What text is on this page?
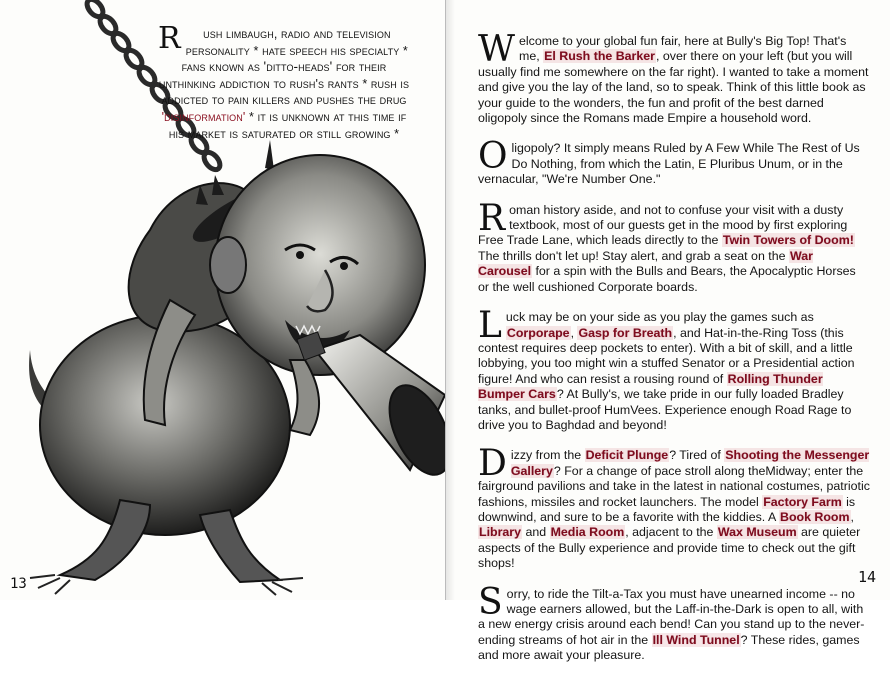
R ush limbaugh, radio and television personality * hate speech his specialty * fans known as 'ditto-heads' for their unthinking addiction to rush's rants * rush is addicted to pain killers and pushes the drug 'disinformation' * it is unknown at this time if his market is saturated or still growing *
13	14

Welcome to your global fun fair, here at Bully's Big Top! That's me, El Rush the Barker, over there on your left (but you will usually find me somewhere on the far right). I wanted to take a moment and give you the lay of the land, so to speak. Think of this little book as your guide to the wonders, the fun and profit of the best darned oligopoly since the Romans made Empire a household word.

Oligopoly? It simply means Ruled by A Few While The Rest of Us Do Nothing, from which the Latin, E Pluribus Unum, or in the vernacular, "We're Number One."

Roman history aside, and not to confuse your visit with a dusty textbook, most of our guests get in the mood by first exploring Free Trade Lane, which leads directly to the Twin Towers of Doom! The thrills don't let up! Stay alert, and grab a seat on the War Carousel for a spin with the Bulls and Bears, the Apocalyptic Horses or the well cushioned Corporate boards.

Luck may be on your side as you play the games such as Corporape, Gasp for Breath, and Hat-in-the-Ring Toss (this contest requires deep pockets to enter). With a bit of skill, and a little lobbying, you too might win a stuffed Senator or a Presidential action figure! And who can resist a rousing round of Rolling Thunder Bumper Cars? At Bully's, we take pride in our fully loaded Bradley tanks, and bullet-proof HumVees. Experience enough Road Rage to drive you to Baghdad and beyond!

Dizzy from the Deficit Plunge? Tired of Shooting the Messenger Gallery? For a change of pace stroll along theMidway; enter the fairground pavilions and take in the latest in national costumes, patriotic fashions, missiles and rocket launchers. The model Factory Farm is downwind, and sure to be a favorite with the kiddies. A Book Room, Library and Media Room, adjacent to the Wax Museum are quieter aspects of the Bully experience and provide time to check out the gift shops!

Sorry, to ride the Tilt-a-Tax you must have unearned income -- no wage earners allowed, but the Laff-in-the-Dark is open to all, with a new energy crisis around each bend! Can you stand up to the never-ending streams of hot air in the Ill Wind Tunnel? These rides, games and more await your pleasure.
